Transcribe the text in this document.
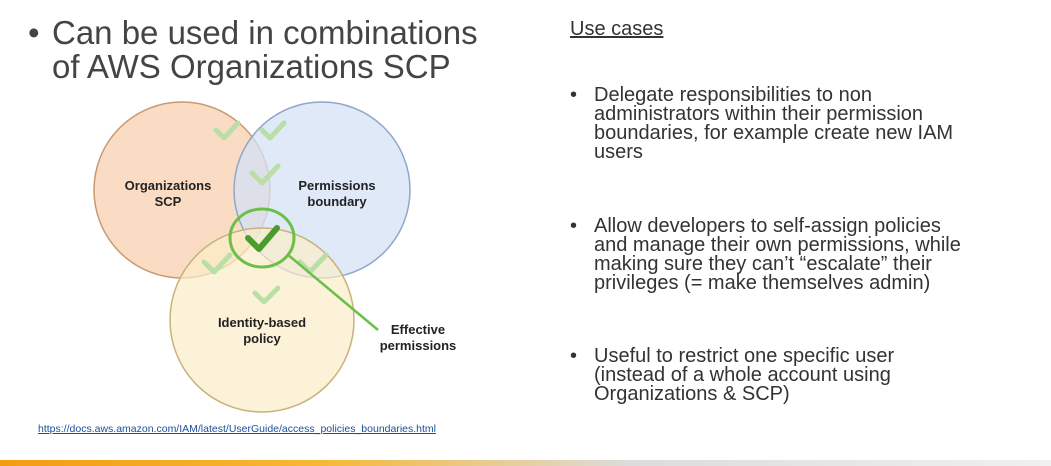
• Can be used in combinations of AWS Organizations SCP
Organizations
SCP
Permissions
boundary
Identity-based
policy
Effective
permissions
https://docs.aws.amazon.com/IAM/latest/UserGuide/access_policies_boundaries.html
Use cases
• Delegate responsibilities to non
administrators within their permission
boundaries, for example create new IAM
users
• Allow developers to self-assign policies
and manage their own permissions, while
making sure they can’t “escalate” their
privileges (= make themselves admin)
• Useful to restrict one specific user
(instead of a whole account using
Organizations & SCP)
